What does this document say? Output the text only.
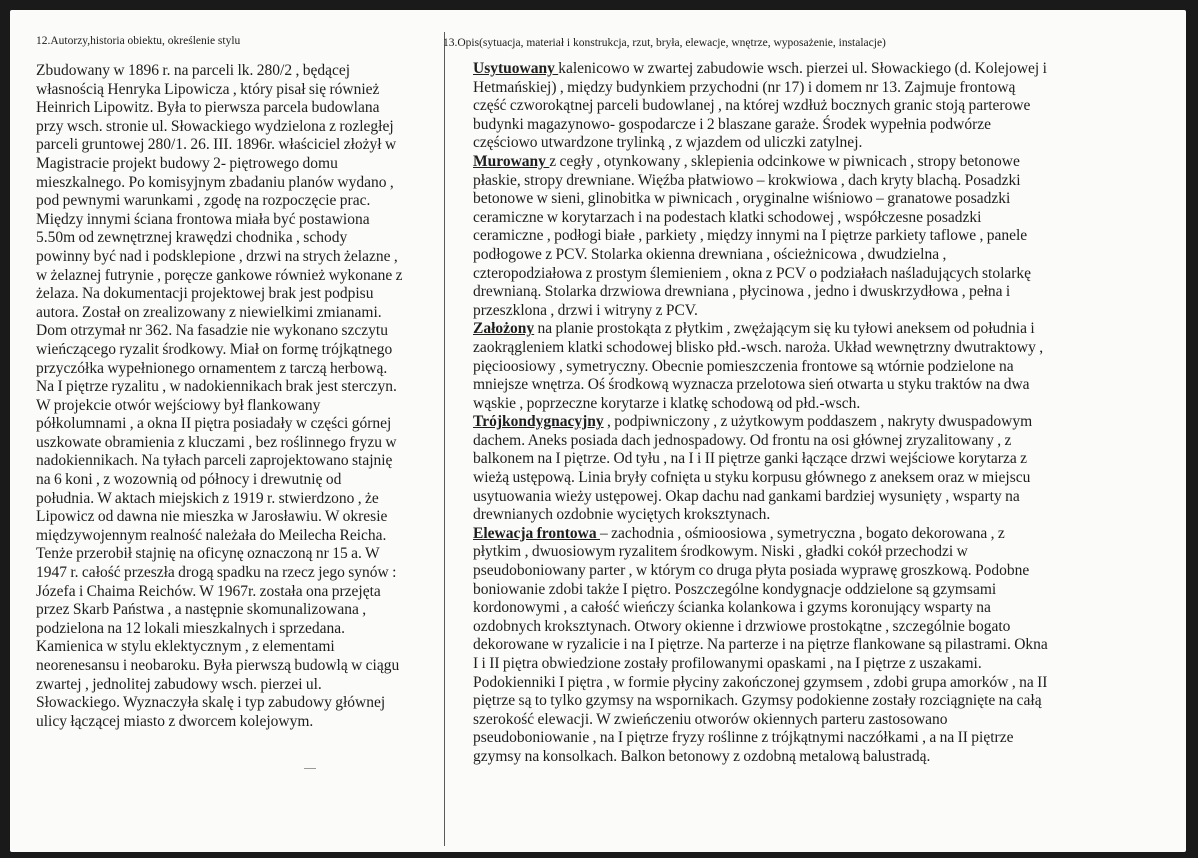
12.Autorzy,historia obiektu, określenie stylu
Zbudowany w 1896 r. na parceli lk. 280/2 , będącej
własnością Henryka Lipowicza , który pisał się również
Heinrich Lipowitz. Była to pierwsza parcela budowlana
przy wsch. stronie ul. Słowackiego wydzielona z rozległej
parceli gruntowej 280/1. 26. III. 1896r. właściciel złożył w
Magistracie projekt budowy 2- piętrowego domu
mieszkalnego. Po komisyjnym zbadaniu planów wydano ,
pod pewnymi warunkami , zgodę na rozpoczęcie prac.
Między innymi ściana frontowa miała być postawiona
5.50m od zewnętrznej krawędzi chodnika , schody
powinny być nad i podsklepione , drzwi na strych żelazne ,
w żelaznej futrynie , poręcze gankowe również wykonane z
żelaza. Na dokumentacji projektowej brak jest podpisu
autora. Został on zrealizowany z niewielkimi zmianami.
Dom otrzymał nr 362. Na fasadzie nie wykonano szczytu
wieńczącego ryzalit środkowy. Miał on formę trójkątnego
przyczółka wypełnionego ornamentem z tarczą herbową.
Na I piętrze ryzalitu , w nadokiennikach brak jest sterczyn.
W projekcie otwór wejściowy był flankowany
półkolumnami , a okna II piętra posiadały w części górnej
uszkowate obramienia z kluczami , bez roślinnego fryzu w
nadokiennikach. Na tyłach parceli zaprojektowano stajnię
na 6 koni , z wozownią od północy i drewutnię od
południa. W aktach miejskich z 1919 r. stwierdzono , że
Lipowicz od dawna nie mieszka w Jarosławiu. W okresie
międzywojennym realność należała do Meilecha Reicha.
Tenże przerobił stajnię na oficynę oznaczoną nr 15 a. W
1947 r. całość przeszła drogą spadku na rzecz jego synów :
Józefa i Chaima Reichów. W 1967r. została ona przejęta
przez Skarb Państwa , a następnie skomunalizowana ,
podzielona na 12 lokali mieszkalnych i sprzedana.
Kamienica w stylu eklektycznym , z elementami
neorenesansu i neobaroku. Była pierwszą budowlą w ciągu
zwartej , jednolitej zabudowy wsch. pierzei ul.
Słowackiego. Wyznaczyła skalę i typ zabudowy głównej
ulicy łączącej miasto z dworcem kolejowym.
13.Opis(sytuacja, materiał i konstrukcja, rzut, bryła, elewacje, wnętrze, wyposażenie, instalacje)
Usytuowany kalenicowo w zwartej zabudowie wsch. pierzei ul. Słowackiego (d. Kolejowej i
Hetmańskiej) , między budynkiem przychodni (nr 17) i domem nr 13. Zajmuje frontową
część czworokątnej parceli budowlanej , na której wzdłuż bocznych granic stoją parterowe
budynki magazynowo- gospodarcze i 2 blaszane garaże. Środek wypełnia podwórze
częściowo utwardzone trylinką , z wjazdem od uliczki zatylnej.
Murowany z cegły , otynkowany , sklepienia odcinkowe w piwnicach , stropy betonowe
płaskie, stropy drewniane. Więźba płatwiowo – krokwiowa , dach kryty blachą. Posadzki
betonowe w sieni, glinobitka w piwnicach , oryginalne wiśniowo – granatowe posadzki
ceramiczne w korytarzach i na podestach klatki schodowej , współczesne posadzki
ceramiczne , podłogi białe , parkiety , między innymi na I piętrze parkiety taflowe , panele
podłogowe z PCV. Stolarka okienna drewniana , ościeżnicowa , dwudzielna ,
czteropodziałowa z prostym ślemieniem , okna z PCV o podziałach naśladujących stolarkę
drewnianą. Stolarka drzwiowa drewniana , płycinowa , jedno i dwuskrzydłowa , pełna i
przeszklona , drzwi i witryny z PCV.
Założony na planie prostokąta z płytkim , zwężającym się ku tyłowi aneksem od południa i
zaokrągleniem klatki schodowej blisko płd.-wsch. naroża. Układ wewnętrzny dwutraktowy ,
pięcioosiowy , symetryczny. Obecnie pomieszczenia frontowe są wtórnie podzielone na
mniejsze wnętrza. Oś środkową wyznacza przelotowa sień otwarta u styku traktów na dwa
wąskie , poprzeczne korytarze i klatkę schodową od płd.-wsch.
Trójkondygnacyjny , podpiwniczony , z użytkowym poddaszem , nakryty dwuspadowym
dachem. Aneks posiada dach jednospadowy. Od frontu na osi głównej zryzalitowany , z
balkonem na I piętrze. Od tyłu , na I i II piętrze ganki łączące drzwi wejściowe korytarza z
wieżą ustępową. Linia bryły cofnięta u styku korpusu głównego z aneksem oraz w miejscu
usytuowania wieży ustępowej. Okap dachu nad gankami bardziej wysunięty , wsparty na
drewnianych ozdobnie wyciętych kroksztynach.
Elewacja frontowa – zachodnia , ośmioosiowa , symetryczna , bogato dekorowana , z
płytkim , dwuosiowym ryzalitem środkowym. Niski , gładki cokół przechodzi w
pseudoboniowany parter , w którym co druga płyta posiada wyprawę groszkową. Podobne
boniowanie zdobi także I piętro. Poszczególne kondygnacje oddzielone są gzymsami
kordonowymi , a całość wieńczy ścianka kolankowa i gzyms koronujący wsparty na
ozdobnych kroksztynach. Otwory okienne i drzwiowe prostokątne , szczególnie bogato
dekorowane w ryzalicie i na I piętrze. Na parterze i na piętrze flankowane są pilastrami. Okna
I i II piętra obwiedzione zostały profilowanymi opaskami , na I piętrze z uszakami.
Podokienniki I piętra , w formie płyciny zakończonej gzymsem , zdobi grupa amorków , na II
piętrze są to tylko gzymsy na wspornikach. Gzymsy podokienne zostały rozciągnięte na całą
szerokość elewacji. W zwieńczeniu otworów okiennych parteru zastosowano
pseudoboniowanie , na I piętrze fryzy roślinne z trójkątnymi naczółkami , a na II piętrze
gzymsy na konsolkach. Balkon betonowy z ozdobną metalową balustradą.
